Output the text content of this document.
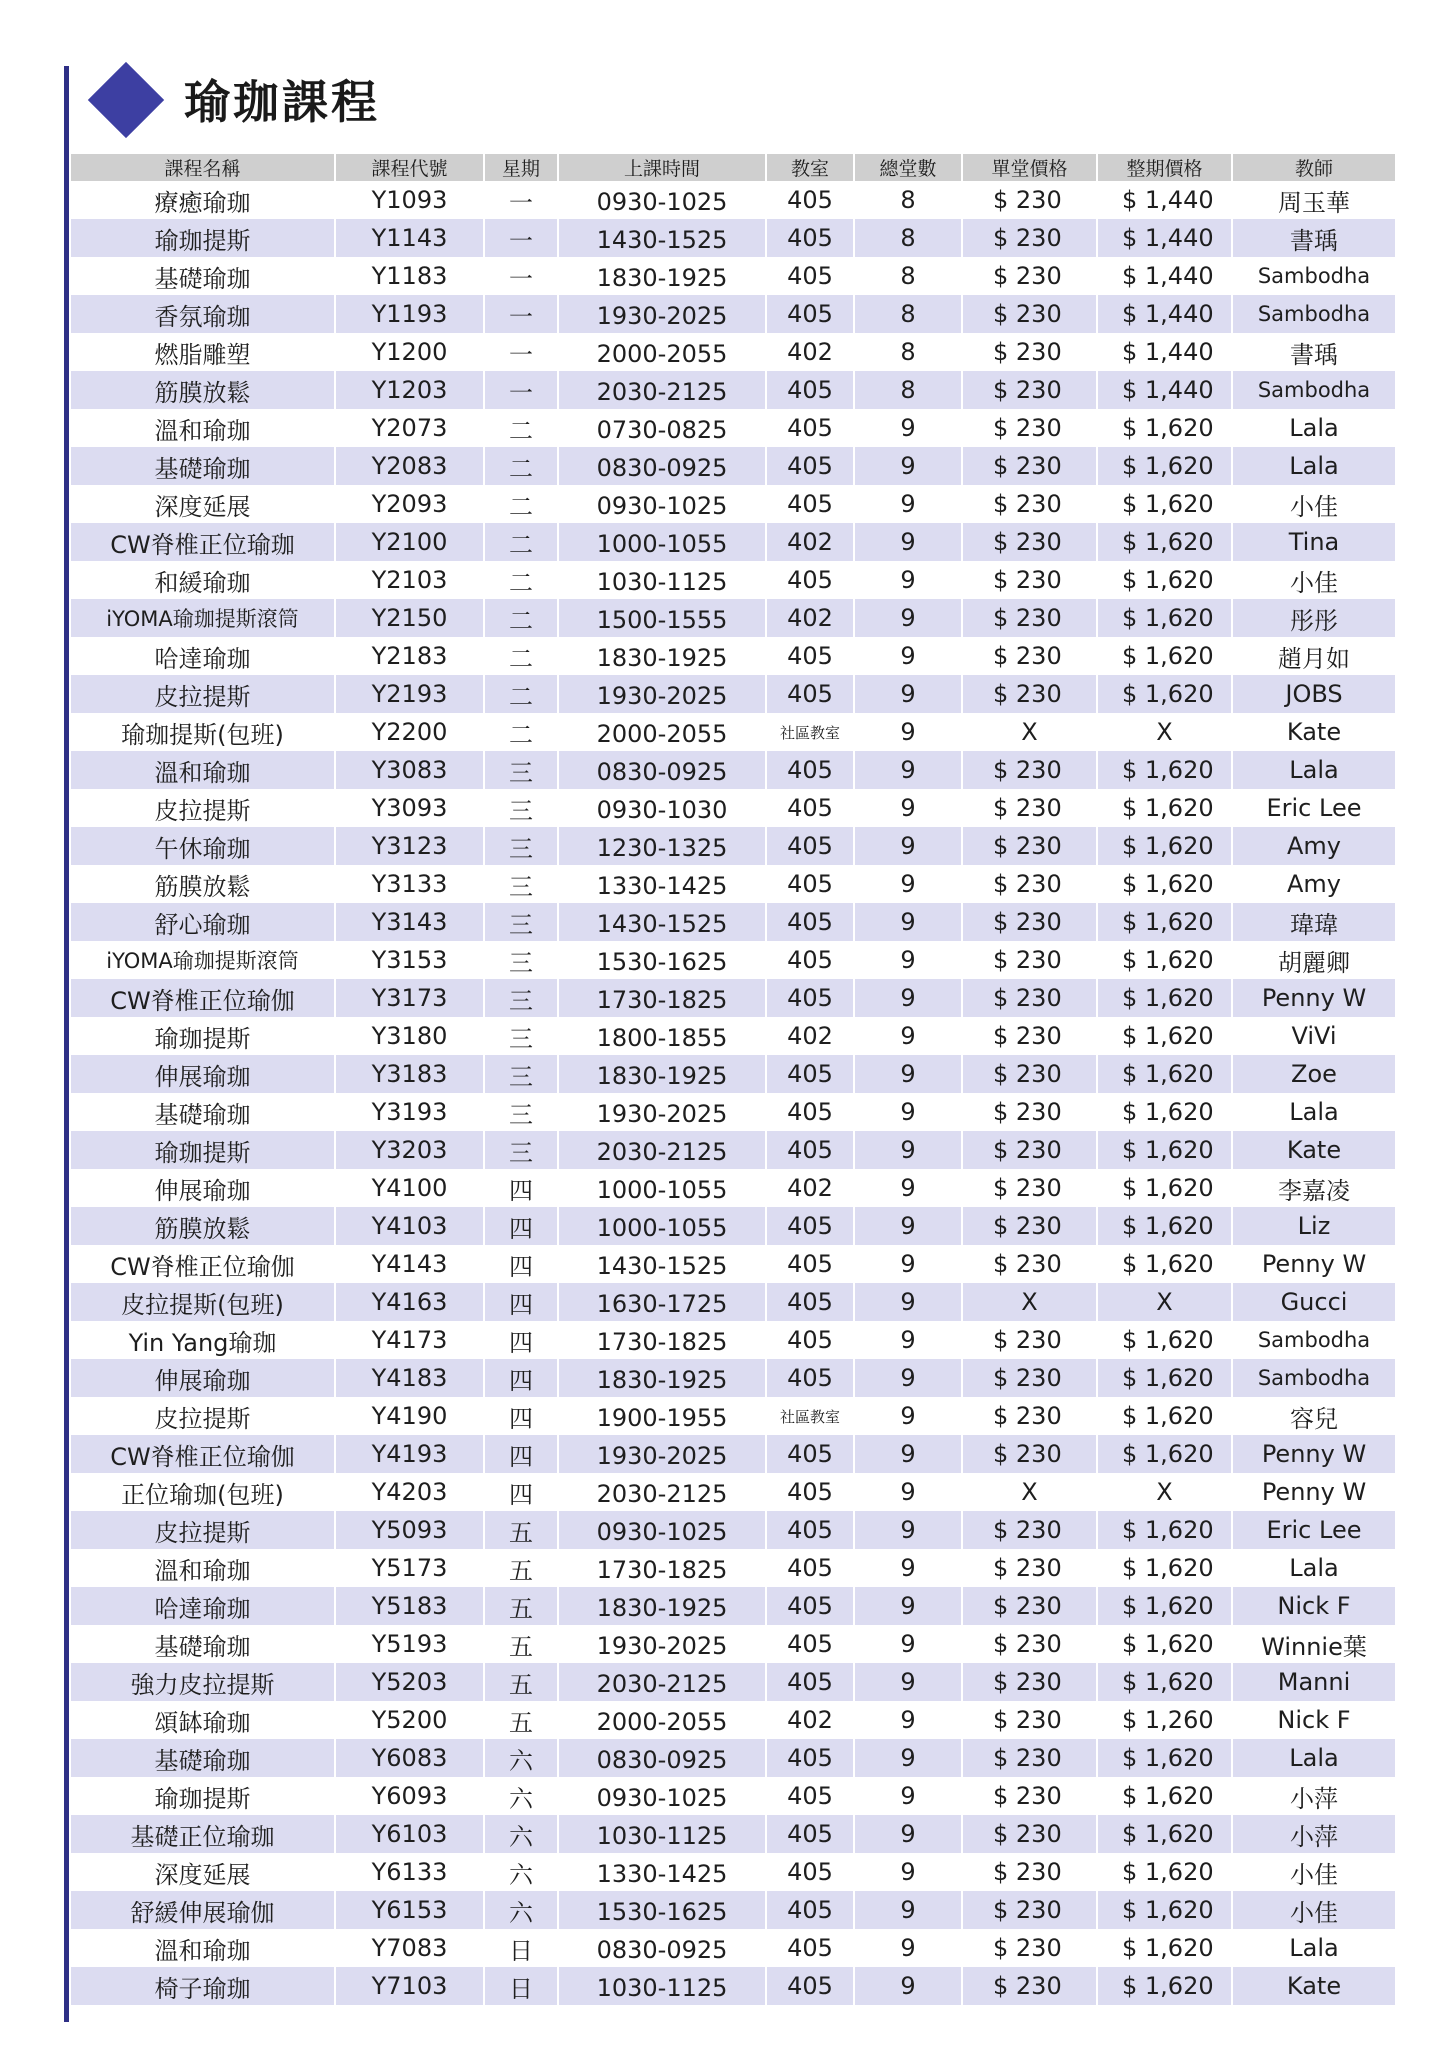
瑜珈課程
課程名稱	課程代號	星期	上課時間	教室	總堂數	單堂價格	整期價格	教師
療癒瑜珈	Y1093	一	0930-1025	405	8	$ 230	$ 1,440	周玉華
瑜珈提斯	Y1143	一	1430-1525	405	8	$ 230	$ 1,440	書瑀
基礎瑜珈	Y1183	一	1830-1925	405	8	$ 230	$ 1,440	Sambodha
香氛瑜珈	Y1193	一	1930-2025	405	8	$ 230	$ 1,440	Sambodha
燃脂雕塑	Y1200	一	2000-2055	402	8	$ 230	$ 1,440	書瑀
筋膜放鬆	Y1203	一	2030-2125	405	8	$ 230	$ 1,440	Sambodha
溫和瑜珈	Y2073	二	0730-0825	405	9	$ 230	$ 1,620	Lala
基礎瑜珈	Y2083	二	0830-0925	405	9	$ 230	$ 1,620	Lala
深度延展	Y2093	二	0930-1025	405	9	$ 230	$ 1,620	小佳
CW脊椎正位瑜珈	Y2100	二	1000-1055	402	9	$ 230	$ 1,620	Tina
和緩瑜珈	Y2103	二	1030-1125	405	9	$ 230	$ 1,620	小佳
iYOMA瑜珈提斯滾筒	Y2150	二	1500-1555	402	9	$ 230	$ 1,620	彤彤
哈達瑜珈	Y2183	二	1830-1925	405	9	$ 230	$ 1,620	趙月如
皮拉提斯	Y2193	二	1930-2025	405	9	$ 230	$ 1,620	JOBS
瑜珈提斯(包班)	Y2200	二	2000-2055	社區教室	9	X	X	Kate
溫和瑜珈	Y3083	三	0830-0925	405	9	$ 230	$ 1,620	Lala
皮拉提斯	Y3093	三	0930-1030	405	9	$ 230	$ 1,620	Eric Lee
午休瑜珈	Y3123	三	1230-1325	405	9	$ 230	$ 1,620	Amy
筋膜放鬆	Y3133	三	1330-1425	405	9	$ 230	$ 1,620	Amy
舒心瑜珈	Y3143	三	1430-1525	405	9	$ 230	$ 1,620	瑋瑋
iYOMA瑜珈提斯滾筒	Y3153	三	1530-1625	405	9	$ 230	$ 1,620	胡麗卿
CW脊椎正位瑜伽	Y3173	三	1730-1825	405	9	$ 230	$ 1,620	Penny W
瑜珈提斯	Y3180	三	1800-1855	402	9	$ 230	$ 1,620	ViVi
伸展瑜珈	Y3183	三	1830-1925	405	9	$ 230	$ 1,620	Zoe
基礎瑜珈	Y3193	三	1930-2025	405	9	$ 230	$ 1,620	Lala
瑜珈提斯	Y3203	三	2030-2125	405	9	$ 230	$ 1,620	Kate
伸展瑜珈	Y4100	四	1000-1055	402	9	$ 230	$ 1,620	李嘉凌
筋膜放鬆	Y4103	四	1000-1055	405	9	$ 230	$ 1,620	Liz
CW脊椎正位瑜伽	Y4143	四	1430-1525	405	9	$ 230	$ 1,620	Penny W
皮拉提斯(包班)	Y4163	四	1630-1725	405	9	X	X	Gucci
Yin Yang瑜珈	Y4173	四	1730-1825	405	9	$ 230	$ 1,620	Sambodha
伸展瑜珈	Y4183	四	1830-1925	405	9	$ 230	$ 1,620	Sambodha
皮拉提斯	Y4190	四	1900-1955	社區教室	9	$ 230	$ 1,620	容兒
CW脊椎正位瑜伽	Y4193	四	1930-2025	405	9	$ 230	$ 1,620	Penny W
正位瑜珈(包班)	Y4203	四	2030-2125	405	9	X	X	Penny W
皮拉提斯	Y5093	五	0930-1025	405	9	$ 230	$ 1,620	Eric Lee
溫和瑜珈	Y5173	五	1730-1825	405	9	$ 230	$ 1,620	Lala
哈達瑜珈	Y5183	五	1830-1925	405	9	$ 230	$ 1,620	Nick F
基礎瑜珈	Y5193	五	1930-2025	405	9	$ 230	$ 1,620	Winnie葉
強力皮拉提斯	Y5203	五	2030-2125	405	9	$ 230	$ 1,620	Manni
頌缽瑜珈	Y5200	五	2000-2055	402	9	$ 230	$ 1,260	Nick F
基礎瑜珈	Y6083	六	0830-0925	405	9	$ 230	$ 1,620	Lala
瑜珈提斯	Y6093	六	0930-1025	405	9	$ 230	$ 1,620	小萍
基礎正位瑜珈	Y6103	六	1030-1125	405	9	$ 230	$ 1,620	小萍
深度延展	Y6133	六	1330-1425	405	9	$ 230	$ 1,620	小佳
舒緩伸展瑜伽	Y6153	六	1530-1625	405	9	$ 230	$ 1,620	小佳
溫和瑜珈	Y7083	日	0830-0925	405	9	$ 230	$ 1,620	Lala
椅子瑜珈	Y7103	日	1030-1125	405	9	$ 230	$ 1,620	Kate
